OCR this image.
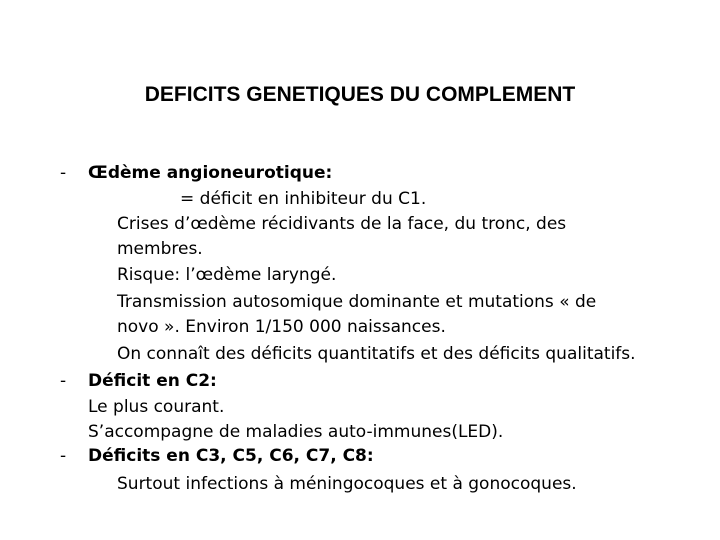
DEFICITS GENETIQUES DU COMPLEMENT
- Œdème angioneurotique:
= déficit en inhibiteur du C1.
Crises d’œdème récidivants de la face, du tronc, des
membres.
Risque: l’œdème laryngé.
Transmission autosomique dominante et mutations « de
novo ». Environ 1/150 000 naissances.
On connaît des déficits quantitatifs et des déficits qualitatifs.
- Déficit en C2:
Le plus courant.
S’accompagne de maladies auto-immunes(LED).
- Déficits en C3, C5, C6, C7, C8:
Surtout infections à méningocoques et à gonocoques.
